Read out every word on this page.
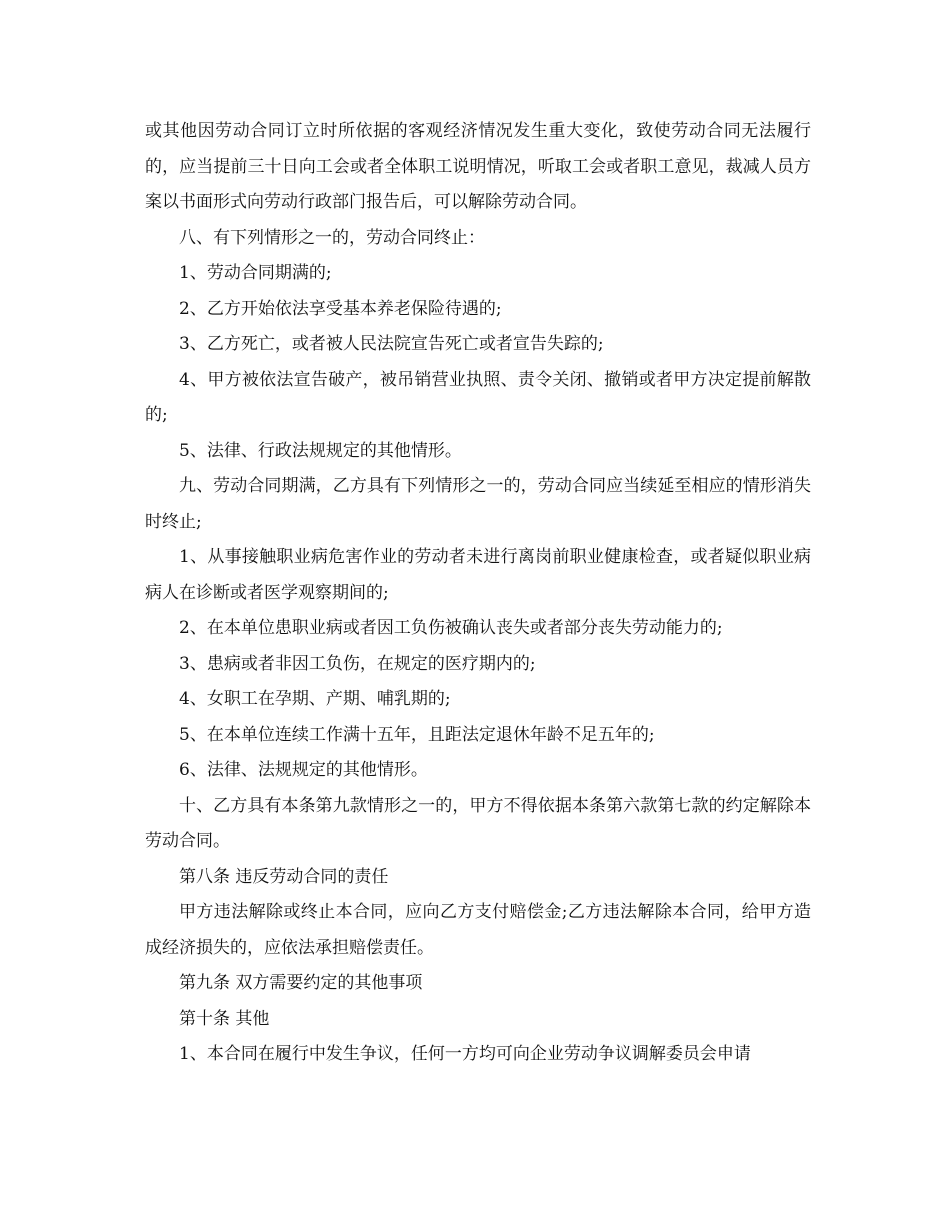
或其他因劳动合同订立时所依据的客观经济情况发生重大变化，致使劳动合同无法履行的，应当提前三十日向工会或者全体职工说明情况，听取工会或者职工意见，裁减人员方案以书面形式向劳动行政部门报告后，可以解除劳动合同。

八、有下列情形之一的，劳动合同终止：

1、劳动合同期满的;

2、乙方开始依法享受基本养老保险待遇的;

3、乙方死亡，或者被人民法院宣告死亡或者宣告失踪的;

4、甲方被依法宣告破产，被吊销营业执照、责令关闭、撤销或者甲方决定提前解散的;

5、法律、行政法规规定的其他情形。

九、劳动合同期满，乙方具有下列情形之一的，劳动合同应当续延至相应的情形消失时终止;

1、从事接触职业病危害作业的劳动者未进行离岗前职业健康检查，或者疑似职业病病人在诊断或者医学观察期间的;

2、在本单位患职业病或者因工负伤被确认丧失或者部分丧失劳动能力的;

3、患病或者非因工负伤，在规定的医疗期内的;

4、女职工在孕期、产期、哺乳期的;

5、在本单位连续工作满十五年，且距法定退休年龄不足五年的;

6、法律、法规规定的其他情形。

十、乙方具有本条第九款情形之一的，甲方不得依据本条第六款第七款的约定解除本劳动合同。

第八条 违反劳动合同的责任

甲方违法解除或终止本合同，应向乙方支付赔偿金;乙方违法解除本合同，给甲方造成经济损失的，应依法承担赔偿责任。

第九条 双方需要约定的其他事项

第十条 其他

1、本合同在履行中发生争议，任何一方均可向企业劳动争议调解委员会申请
